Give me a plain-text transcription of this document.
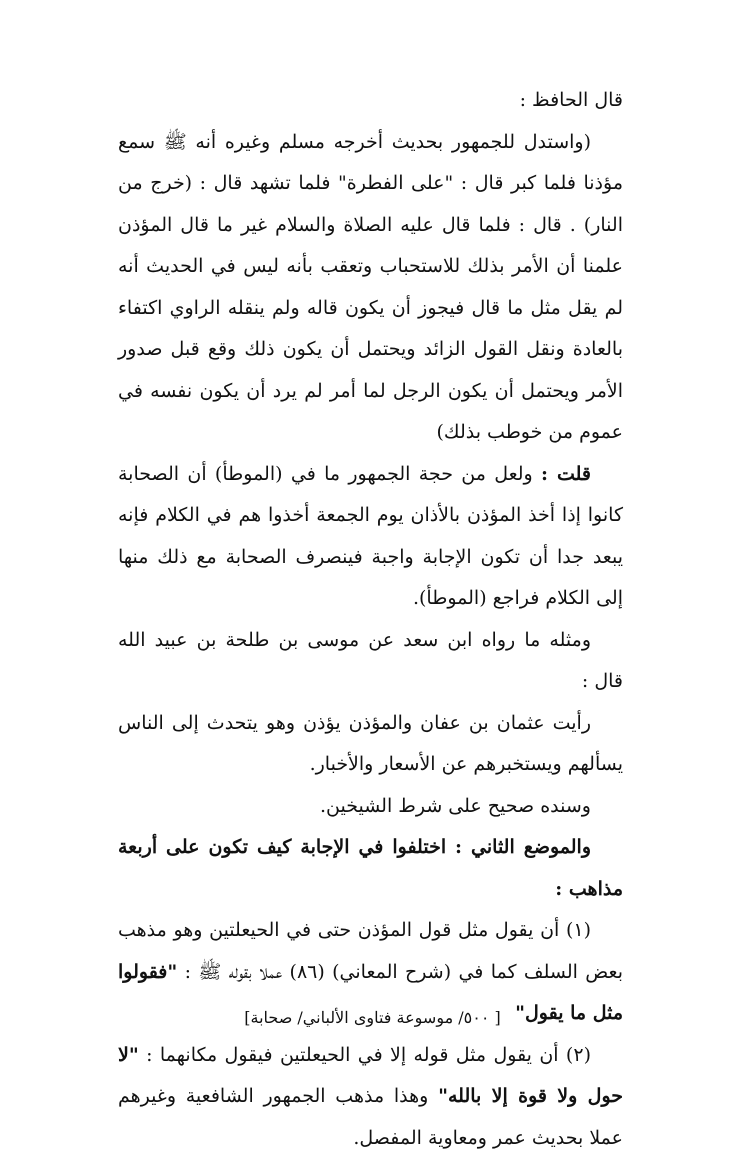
قال الحافظ :

(واستدل للجمهور بحديث أخرجه مسلم وغيره أنه ﷺ سمع مؤذنا فلما كبر قال : "على الفطرة" فلما تشهد قال : (خرج من النار) . قال : فلما قال عليه الصلاة والسلام غير ما قال المؤذن علمنا أن الأمر بذلك للاستحباب وتعقب بأنه ليس في الحديث أنه لم يقل مثل ما قال فيجوز أن يكون قاله ولم ينقله الراوي اكتفاء بالعادة ونقل القول الزائد ويحتمل أن يكون ذلك وقع قبل صدور الأمر ويحتمل أن يكون الرجل لما أمر لم يرد أن يكون نفسه في عموم من خوطب بذلك)

قلت : ولعل من حجة الجمهور ما في (الموطأ) أن الصحابة كانوا إذا أخذ المؤذن بالأذان يوم الجمعة أخذوا هم في الكلام فإنه يبعد جدا أن تكون الإجابة واجبة فينصرف الصحابة مع ذلك منها إلى الكلام فراجع (الموطأ).

ومثله ما رواه ابن سعد عن موسى بن طلحة بن عبيد الله قال :

رأيت عثمان بن عفان والمؤذن يؤذن وهو يتحدث إلى الناس يسألهم ويستخبرهم عن الأسعار والأخبار.

وسنده صحيح على شرط الشيخين.

والموضع الثاني : اختلفوا في الإجابة كيف تكون على أربعة مذاهب :

(١) أن يقول مثل قول المؤذن حتى في الحيعلتين وهو مذهب بعض السلف كما في (شرح المعاني) (٨٦) عملا بقوله ﷺ : "فقولوا مثل ما يقول"

(٢) أن يقول مثل قوله إلا في الحيعلتين فيقول مكانهما : "لا حول ولا قوة إلا بالله" وهذا مذهب الجمهور الشافعية وغيرهم عملا بحديث عمر ومعاوية المفصل.

[ ٥٠٠/ موسوعة فتاوى الألباني/ صحابة]
